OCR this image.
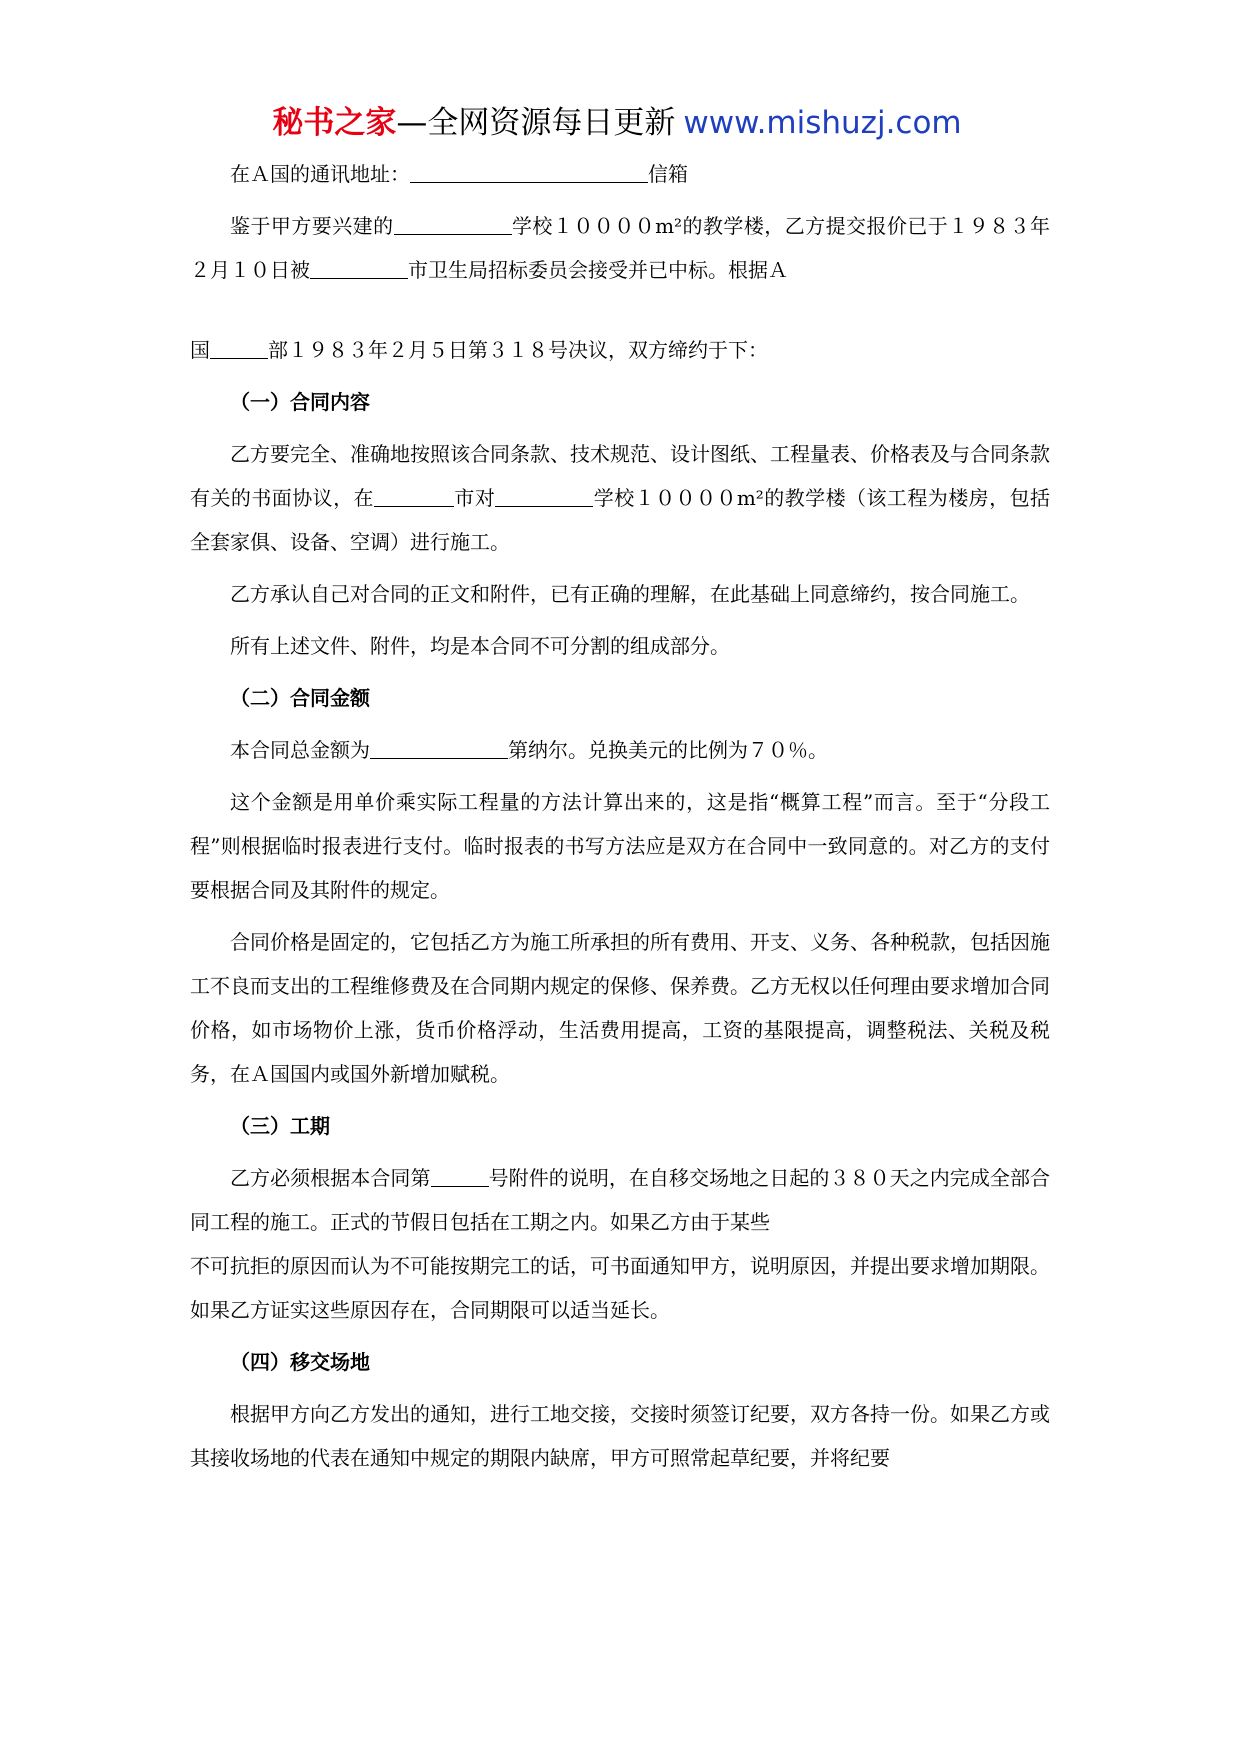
秘书之家—全网资源每日更新 www.mishuzj.com
在Ａ国的通讯地址：	信箱
鉴于甲方要兴建的	学校１００００m²的教学楼，乙方提交报价已于１９８３年２月１０日被	市卫生局招标委员会接受并已中标。根据Ａ
国	部１９８３年２月５日第３１８号决议，双方缔约于下：
（一）合同内容
乙方要完全、准确地按照该合同条款、技术规范、设计图纸、工程量表、价格表及与合同条款有关的书面协议，在	市对	学校１００００m²的教学楼（该工程为楼房，包括全套家俱、设备、空调）进行施工。
乙方承认自己对合同的正文和附件，已有正确的理解，在此基础上同意缔约，按合同施工。
所有上述文件、附件，均是本合同不可分割的组成部分。
（二）合同金额
本合同总金额为	第纳尔。兑换美元的比例为７０％。
这个金额是用单价乘实际工程量的方法计算出来的，这是指“概算工程”而言。至于“分段工程”则根据临时报表进行支付。临时报表的书写方法应是双方在合同中一致同意的。对乙方的支付要根据合同及其附件的规定。
合同价格是固定的，它包括乙方为施工所承担的所有费用、开支、义务、各种税款，包括因施工不良而支出的工程维修费及在合同期内规定的保修、保养费。乙方无权以任何理由要求增加合同价格，如市场物价上涨，货币价格浮动，生活费用提高，工资的基限提高，调整税法、关税及税务，在Ａ国国内或国外新增加赋税。
（三）工期
乙方必须根据本合同第	号附件的说明，在自移交场地之日起的３８０天之内完成全部合同工程的施工。正式的节假日包括在工期之内。如果乙方由于某些
不可抗拒的原因而认为不可能按期完工的话，可书面通知甲方，说明原因，并提出要求增加期限。如果乙方证实这些原因存在，合同期限可以适当延长。
（四）移交场地
根据甲方向乙方发出的通知，进行工地交接，交接时须签订纪要，双方各持一份。如果乙方或其接收场地的代表在通知中规定的期限内缺席，甲方可照常起草纪要，并将纪要
